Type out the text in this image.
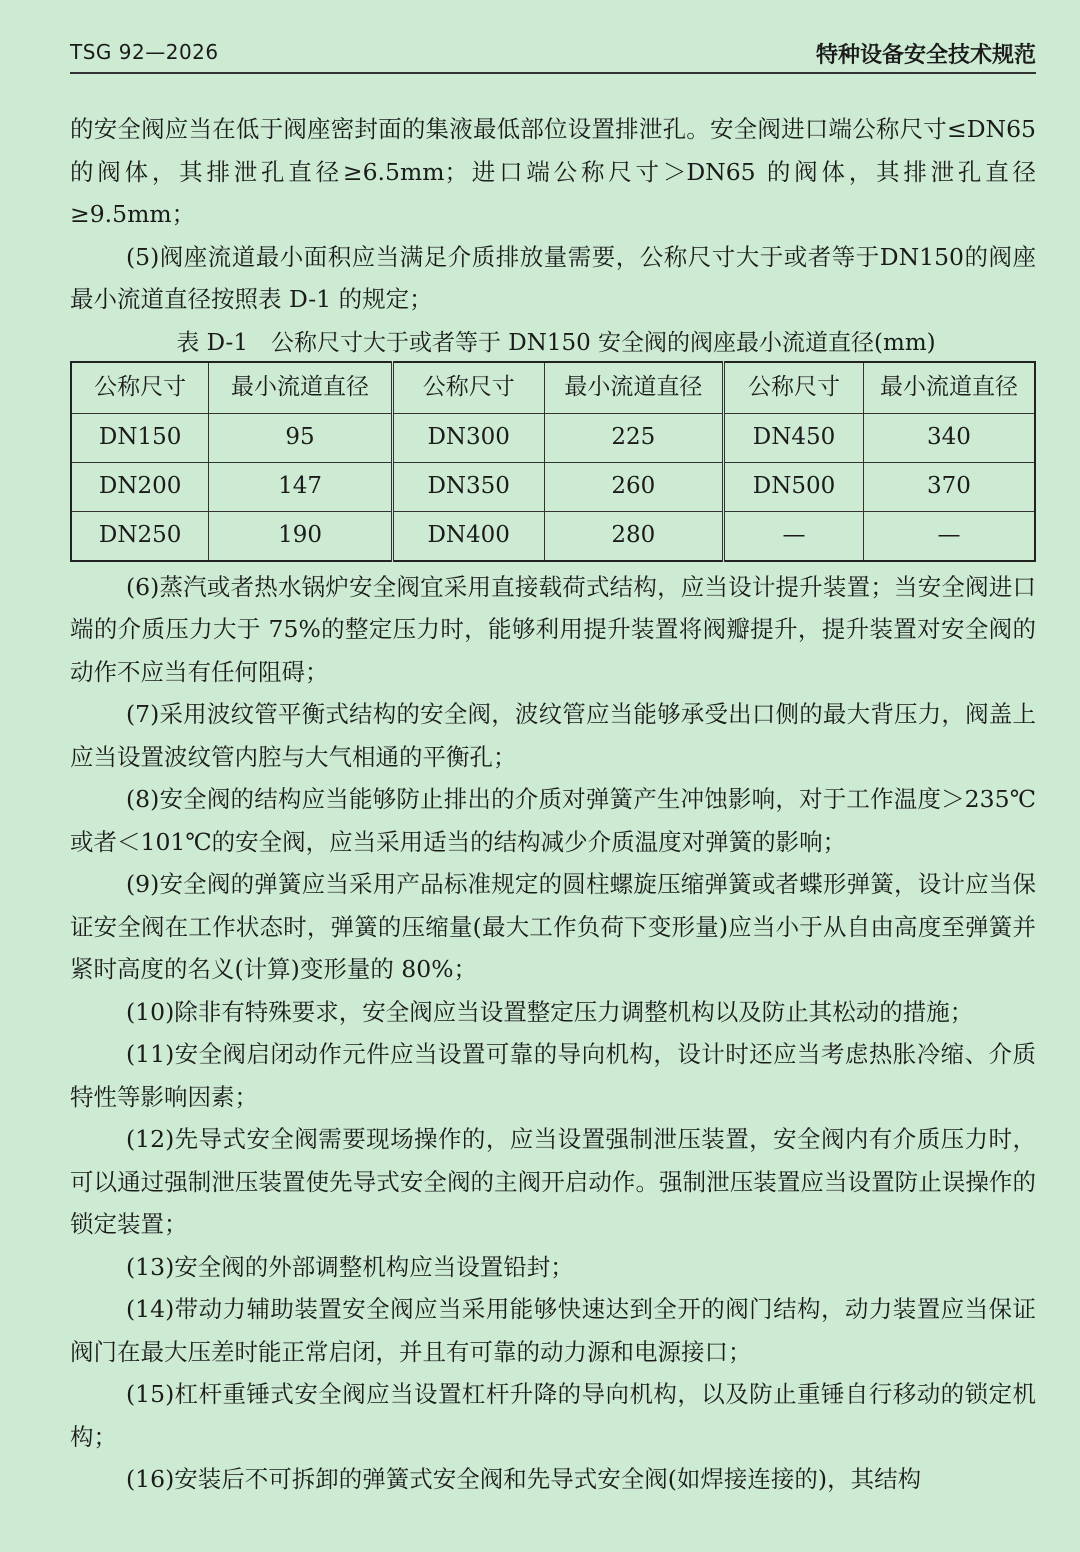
TSG 92—2026	特种设备安全技术规范

的安全阀应当在低于阀座密封面的集液最低部位设置排泄孔。安全阀进口端公称尺寸≤DN65 的阀体，其排泄孔直径≥6.5mm；进口端公称尺寸＞DN65 的阀体，其排泄孔直径≥9.5mm；

(5)阀座流道最小面积应当满足介质排放量需要，公称尺寸大于或者等于DN150的阀座最小流道直径按照表 D-1 的规定；

表 D-1　公称尺寸大于或者等于 DN150 安全阀的阀座最小流道直径(mm)
公称尺寸	最小流道直径	公称尺寸	最小流道直径	公称尺寸	最小流道直径
DN150	95	DN300	225	DN450	340
DN200	147	DN350	260	DN500	370
DN250	190	DN400	280	—	—

(6)蒸汽或者热水锅炉安全阀宜采用直接载荷式结构，应当设计提升装置；当安全阀进口端的介质压力大于 75%的整定压力时，能够利用提升装置将阀瓣提升，提升装置对安全阀的动作不应当有任何阻碍；

(7)采用波纹管平衡式结构的安全阀，波纹管应当能够承受出口侧的最大背压力，阀盖上应当设置波纹管内腔与大气相通的平衡孔；

(8)安全阀的结构应当能够防止排出的介质对弹簧产生冲蚀影响，对于工作温度＞235℃或者＜101℃的安全阀，应当采用适当的结构减少介质温度对弹簧的影响；

(9)安全阀的弹簧应当采用产品标准规定的圆柱螺旋压缩弹簧或者蝶形弹簧，设计应当保证安全阀在工作状态时，弹簧的压缩量(最大工作负荷下变形量)应当小于从自由高度至弹簧并紧时高度的名义(计算)变形量的 80%；

(10)除非有特殊要求，安全阀应当设置整定压力调整机构以及防止其松动的措施；

(11)安全阀启闭动作元件应当设置可靠的导向机构，设计时还应当考虑热胀冷缩、介质特性等影响因素；

(12)先导式安全阀需要现场操作的，应当设置强制泄压装置，安全阀内有介质压力时，可以通过强制泄压装置使先导式安全阀的主阀开启动作。强制泄压装置应当设置防止误操作的锁定装置；

(13)安全阀的外部调整机构应当设置铅封；

(14)带动力辅助装置安全阀应当采用能够快速达到全开的阀门结构，动力装置应当保证阀门在最大压差时能正常启闭，并且有可靠的动力源和电源接口；

(15)杠杆重锤式安全阀应当设置杠杆升降的导向机构，以及防止重锤自行移动的锁定机构；

(16)安装后不可拆卸的弹簧式安全阀和先导式安全阀(如焊接连接的)，其结构
